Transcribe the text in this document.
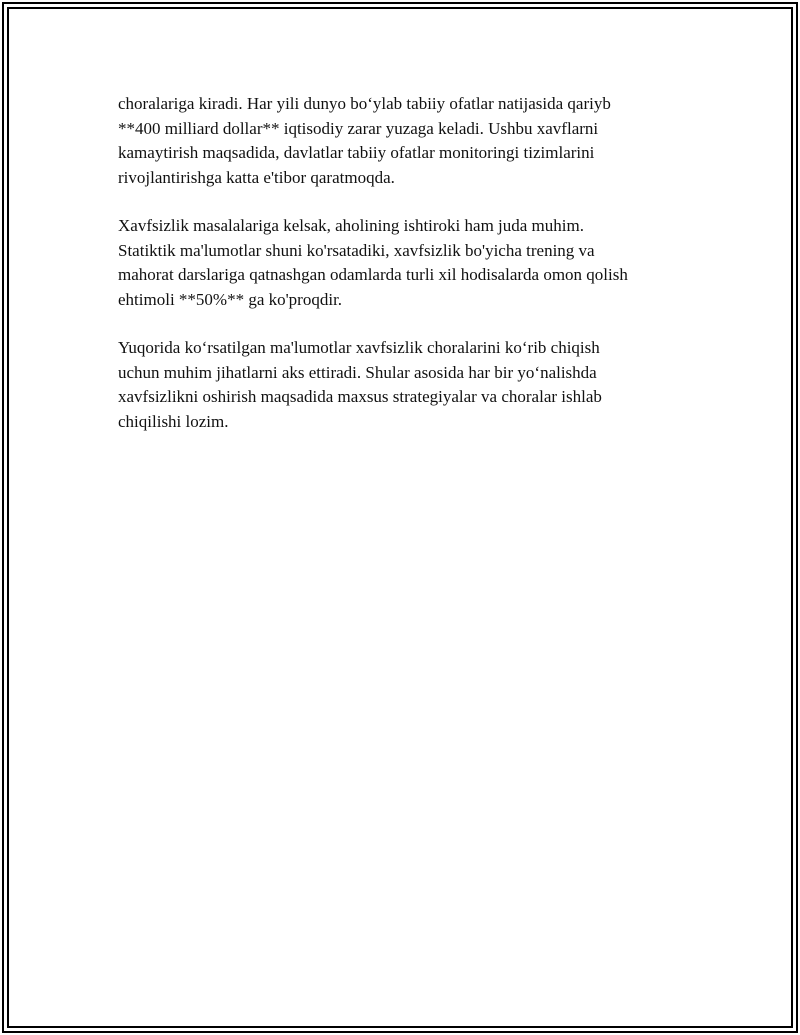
choralariga kiradi. Har yili dunyo bo‘ylab tabiiy ofatlar natijasida qariyb
**400 milliard dollar** iqtisodiy zarar yuzaga keladi. Ushbu xavflarni
kamaytirish maqsadida, davlatlar tabiiy ofatlar monitoringi tizimlarini
rivojlantirishga katta e'tibor qaratmoqda.

Xavfsizlik masalalariga kelsak, aholining ishtiroki ham juda muhim.
Statiktik ma'lumotlar shuni ko'rsatadiki, xavfsizlik bo'yicha trening va
mahorat darslariga qatnashgan odamlarda turli xil hodisalarda omon qolish
ehtimoli **50%** ga ko'proqdir.

Yuqorida ko‘rsatilgan ma'lumotlar xavfsizlik choralarini ko‘rib chiqish
uchun muhim jihatlarni aks ettiradi. Shular asosida har bir yo‘nalishda
xavfsizlikni oshirish maqsadida maxsus strategiyalar va choralar ishlab
chiqilishi lozim.
